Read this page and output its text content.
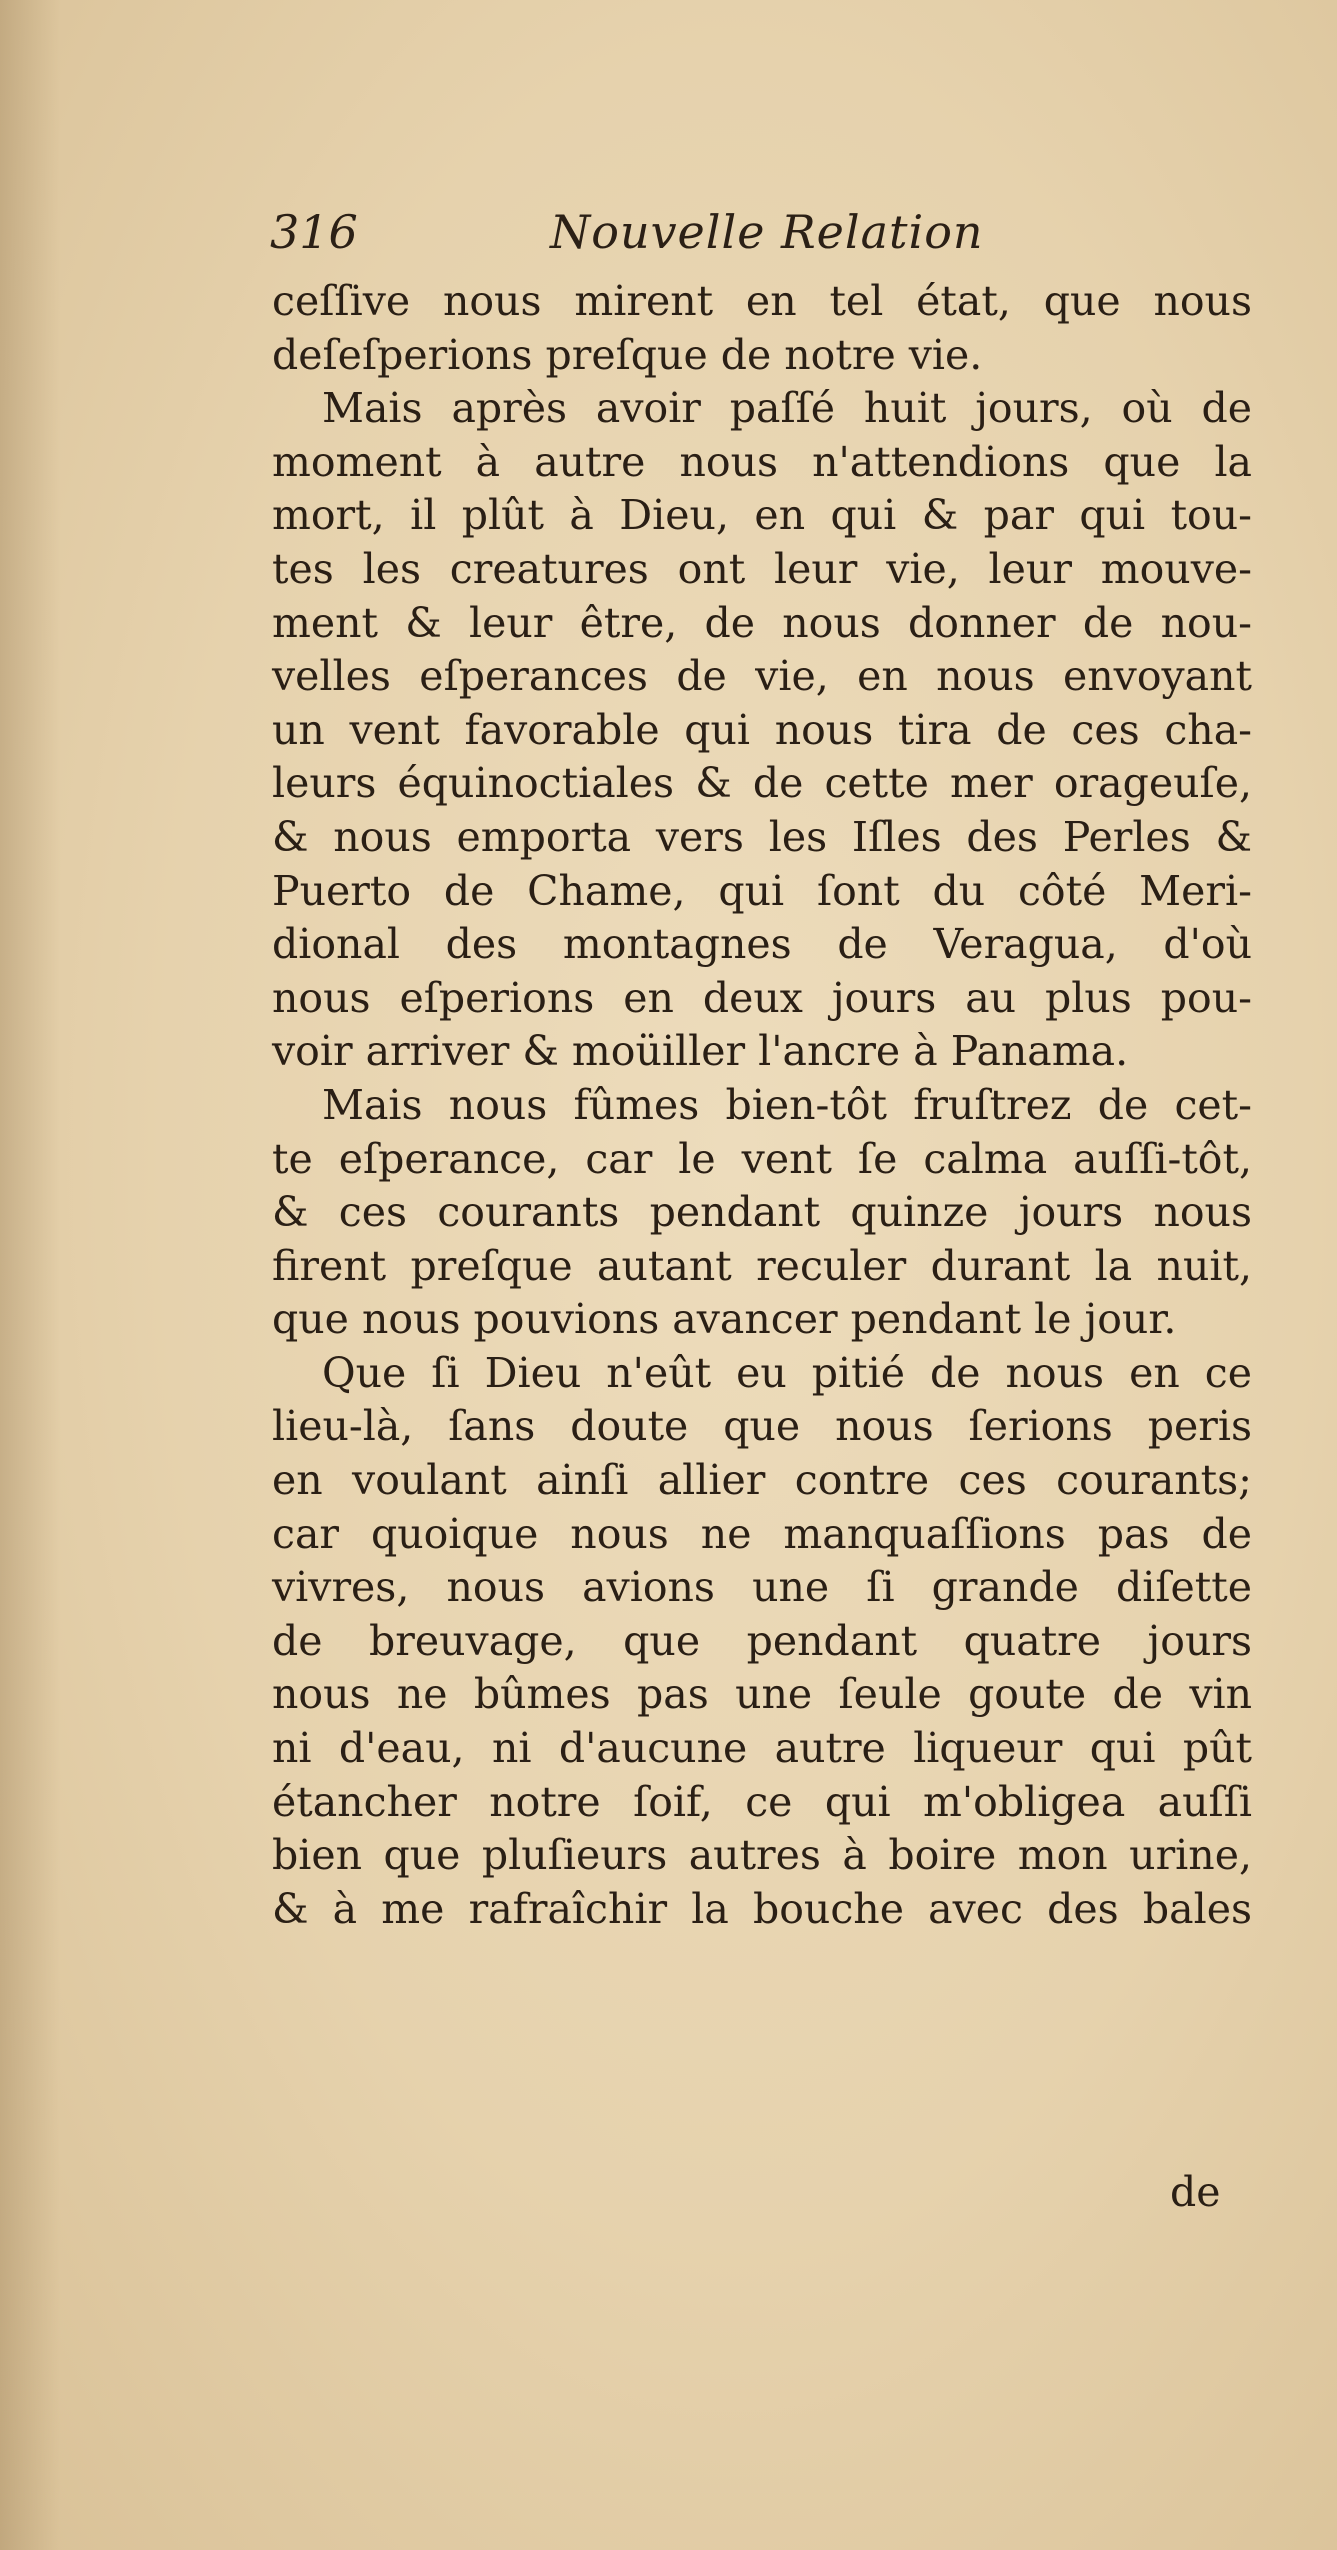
316	Nouvelle Relation
ceſſive nous mirent en tel état, que nous
deſeſperions preſque de notre vie.
Mais après avoir paſſé huit jours, où de
moment à autre nous n'attendions que la
mort, il plût à Dieu, en qui & par qui tou-
tes les creatures ont leur vie, leur mouve-
ment & leur être, de nous donner de nou-
velles eſperances de vie, en nous envoyant
un vent favorable qui nous tira de ces cha-
leurs équinoctiales & de cette mer orageuſe,
& nous emporta vers les Iſles des Perles &
Puerto de Chame, qui ſont du côté Meri-
dional des montagnes de Veragua, d'où
nous eſperions en deux jours au plus pou-
voir arriver & moüiller l'ancre à Panama.
Mais nous fûmes bien-tôt fruſtrez de cet-
te eſperance, car le vent ſe calma auſſi-tôt,
& ces courants pendant quinze jours nous
firent preſque autant reculer durant la nuit,
que nous pouvions avancer pendant le jour.
Que ſi Dieu n'eût eu pitié de nous en ce
lieu-là, ſans doute que nous ſerions peris
en voulant ainſi allier contre ces courants;
car quoique nous ne manquaſſions pas de
vivres, nous avions une ſi grande diſette
de breuvage, que pendant quatre jours
nous ne bûmes pas une ſeule goute de vin
ni d'eau, ni d'aucune autre liqueur qui pût
étancher notre ſoif, ce qui m'obligea auſſi
bien que pluſieurs autres à boire mon urine,
& à me rafraîchir la bouche avec des bales
de
